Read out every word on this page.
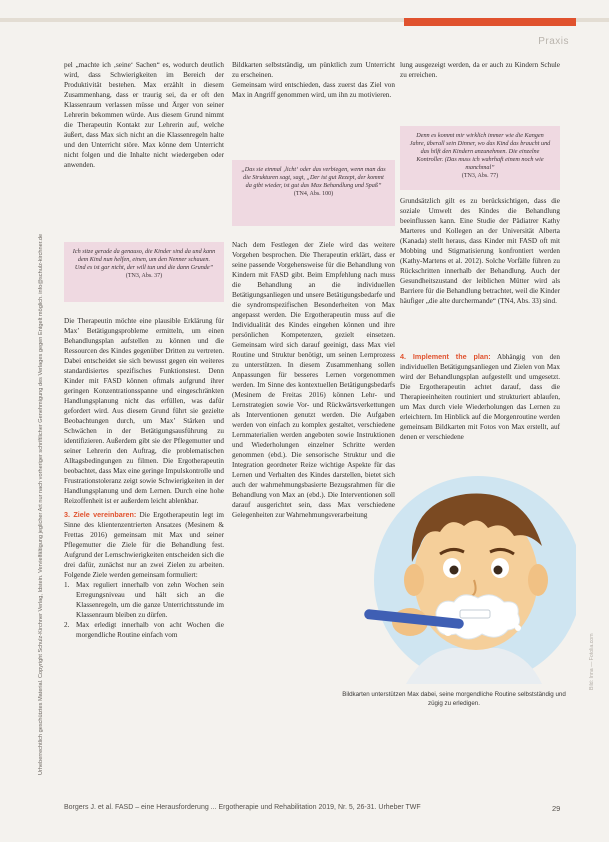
Praxis
Urheberrechtlich geschütztes Material. Copyright Schulz-Kirchner Verlag, Idstein. Vervielfältigung jeglicher Art nur nach vorheriger schriftlicher Genehmigung des Verlages gegen Entgelt möglich. info@schulz-kirchner.de	Bild: Inna — Fotolia.com

pel „machte ich ‚seine‘ Sachen“ es, wodurch deutlich wird, dass Schwierigkeiten im Bereich der Produktivität bestehen. Max erzählt in diesem Zusammenhang, dass er traurig sei, da er oft den Klassenraum verlassen müsse und Ärger von seiner Lehrerin bekommen würde. Aus diesem Grund nimmt die Therapeutin Kontakt zur Lehrerin auf, welche äußert, dass Max sich nicht an die Klassenregeln halte und den Unterricht störe. Max könne dem Unterricht nicht folgen und die Inhalte nicht wiedergeben oder anwenden.

Ich sitze gerade da genauso, die Kinder sind da und kann dem Kind nun helfen, einen, um den Nenner schauen. Und es ist gar nicht, der will tun und die dann Grunde”
(TN3, Abs. 37)

Die Therapeutin möchte eine plausible Erklärung für Max’ Betätigungsprobleme ermitteln, um einen Behandlungsplan aufstellen zu können und die Ressourcen des Kindes gegenüber Dritten zu vertreten. Dabei entscheidet sie sich bewusst gegen ein weiteres standardisiertes spezifisches Funktionstest. Denn Kinder mit FASD können oftmals aufgrund ihrer geringen Konzentrationsspanne und eingeschränkten Handlungsplanung nicht das erfüllen, was dafür gefordert wird. Aus diesem Grund führt sie gezielte Beobachtungen durch, um Max’ Stärken und Schwächen in der Betätigungsausführung zu identifizieren. Außerdem gibt sie der Pflegemutter und seiner Lehrerin den Auftrag, die problematischen Alltagsbedingungen zu filmen. Die Ergotherapeutin beobachtet, dass Max eine geringe Impulskontrolle und Frustrationstoleranz zeigt sowie Schwierigkeiten in der Handlungsplanung und dem Lernen. Durch eine hohe Reizoffenheit ist er außerdem leicht ablenkbar.

3. Ziele vereinbaren: Die Ergotherapeutin legt im Sinne des klientenzentrierten Ansatzes (Mesinem & Frettas 2016) gemeinsam mit Max und seiner Pflegemutter die Ziele für die Behandlung fest. Aufgrund der Lernschwierigkeiten entscheiden sich die drei dafür, zunächst nur an zwei Zielen zu arbeiten. Folgende Ziele werden gemeinsam formuliert:

1. Max reguliert innerhalb von zehn Wochen sein Erregungsniveau und hält sich an die Klassenregeln, um die ganze Unterrichtsstunde im Klassenraum bleiben zu dürfen.
2. Max erledigt innerhalb von acht Wochen die morgendliche Routine einfach vom

Bildkarten selbstständig, um pünktlich zum Unterricht zu erscheinen.

Gemeinsam wird entschieden, dass zuerst das Ziel von Max in Angriff genommen wird, um ihn zu motivieren.

„Das sie einmal ‚licht‘ oder das verbiegen, wenn man das die Strukturen sagt, sagt, „Der ist gut Rezept, der kommt da gibt wieder, ist gut das Max Behandlung und Spaß”
(TN4, Abs. 100)

Nach dem Festlegen der Ziele wird das weitere Vorgehen besprochen. Die Therapeutin erklärt, dass er seine passende Vorgehensweise für die Behandlung von Kindern mit FASD gibt. Beim Empfehlung nach muss die Behandlung an die individuellen Betätigungsanliegen und unsere Betätigungsbedarfe und die syndromspezifischen Besonderheiten von Max angepasst werden. Die Ergotherapeutin muss auf die Individualität des Kindes eingehen können und ihre persönlichen Kompetenzen, gezielt einsetzen. Gemeinsam wird sich darauf geeinigt, dass Max viel Routine und Struktur benötigt, um seinen Lernprozess zu unterstützen. In diesem Zusammenhang sollen Anpassungen für besseres Lernen vorgenommen werden. Im Sinne des kontextuellen Betätigungsbedarfs (Mesinem de Freitas 2016) können Lehr- und Lernstrategien sowie Vor- und Rückwärtsverkettungen als Interventionen genutzt werden. Die Aufgaben werden von einfach zu komplex gestaltet, verschiedene Lernmaterialien werden angeboten sowie Instruktionen und Wiederholungen einzelner Schritte werden genommen (ebd.). Die sensorische Struktur und die Integration geordneter Reize wichtige Aspekte für das Lernen und Verhalten des Kindes darstellen, bietet sich auch der wahrnehmungsbasierte Bezugsrahmen für die Behandlung von Max an (ebd.). Die Interventionen soll darauf ausgerichtet sein, dass Max verschiedene Gelegenheiten zur Wahrnehmungsverarbeitung

lung ausgezeigt werden, da er auch zu Kindern Schule zu erreichen.

Denn es kommt mir wirklich immer wie die Kangen Jahre, überall sein Dinner, wo das Kind das braucht und das hilft den Kindern anzunehmen. Die einzelne Kontroller. (Das muss ich wahrhaft einem noch wie manchmal”
(TN3, Abs. 77)

Grundsätzlich gilt es zu berücksichtigen, dass die soziale Umwelt des Kindes die Behandlung beeinflussen kann. Eine Studie der Pädiatrer Kathy Marteres und Kollegen an der Universität Alberta (Kanada) stellt heraus, dass Kinder mit FASD oft mit Mobbing und Stigmatisierung konfrontiert werden (Kathy-Martens et al. 2012). Solche Vorfälle führen zu Rückschritten innerhalb der Behandlung. Auch der Gesundheitszustand der leiblichen Mütter wird als Barriere für die Behandlung betrachtet, weil die Kinder häufiger „die alte durchermande“ (TN4, Abs. 33) sind.

4. Implement the plan: Abhängig von den individuellen Betätigungsanliegen und Zielen von Max wird der Behandlungsplan aufgestellt und umgesetzt. Die Ergotherapeutin achtet darauf, dass die Therapieeinheiten routiniert und strukturiert ablaufen, um Max durch viele Wiederholungen das Lernen zu erleichtern. Im Hinblick auf die Morgenroutine werden gemeinsam Bildkarten mit Fotos von Max erstellt, auf denen er verschiedene

Bildkarten unterstützen Max dabei, seine morgendliche Routine selbstständig und zügig zu erledigen.
Borgers J. et al. FASD – eine Herausforderung ... Ergotherapie und Rehabilitation 2019, Nr. 5, 26-31. Urheber TWF	29
